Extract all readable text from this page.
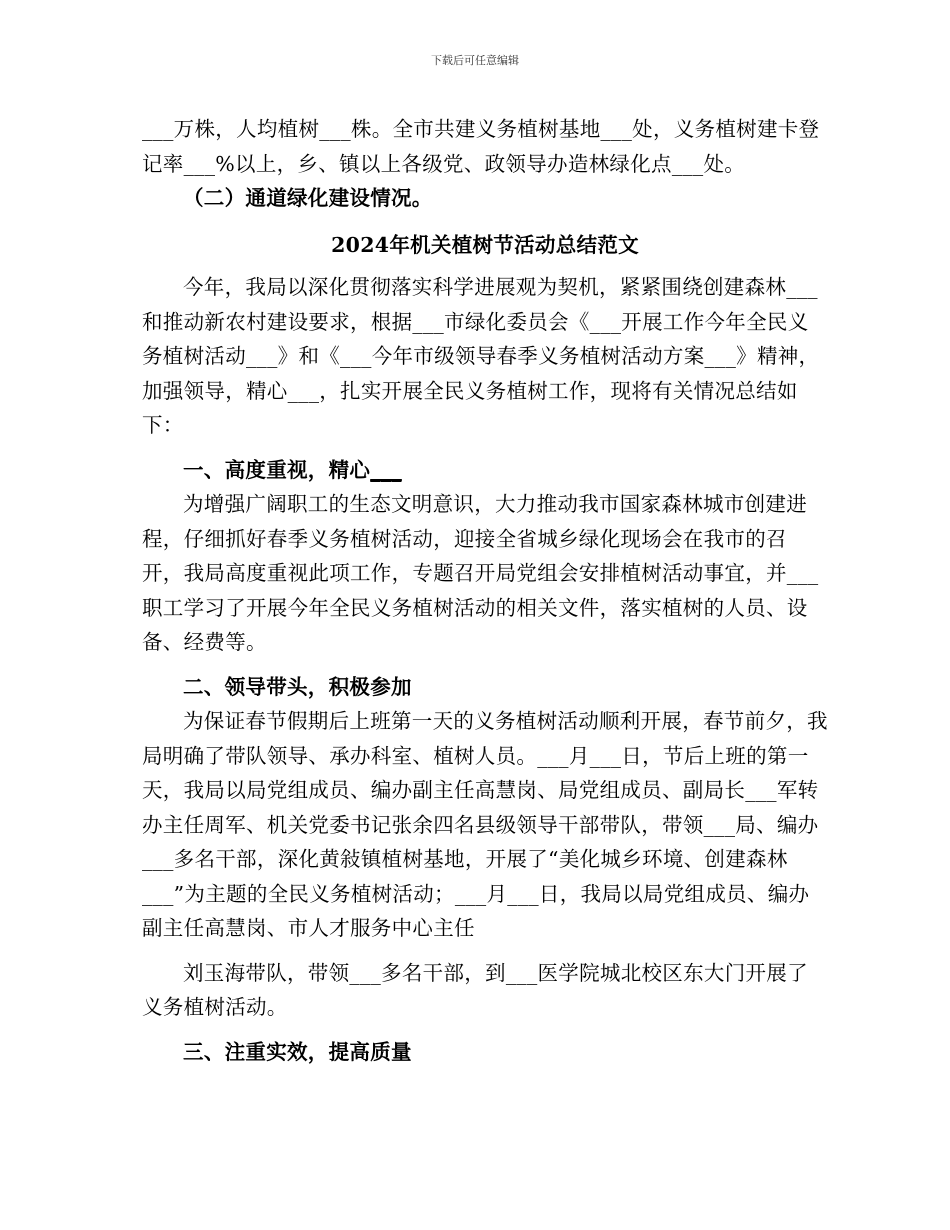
下载后可任意编辑

___万株，人均植树___株。全市共建义务植树基地___处，义务植树建卡登记率___%以上，乡、镇以上各级党、政领导办造林绿化点___处。

（二）通道绿化建设情况。

2024年机关植树节活动总结范文

今年，我局以深化贯彻落实科学进展观为契机，紧紧围绕创建森林___和推动新农村建设要求，根据___市绿化委员会《___开展工作今年全民义务植树活动___》和《___今年市级领导春季义务植树活动方案___》精神，加强领导，精心___，扎实开展全民义务植树工作，现将有关情况总结如下：

一、高度重视，精心___

为增强广阔职工的生态文明意识，大力推动我市国家森林城市创建进程，仔细抓好春季义务植树活动，迎接全省城乡绿化现场会在我市的召开，我局高度重视此项工作，专题召开局党组会安排植树活动事宜，并___职工学习了开展今年全民义务植树活动的相关文件，落实植树的人员、设备、经费等。

二、领导带头，积极参加

为保证春节假期后上班第一天的义务植树活动顺利开展，春节前夕，我局明确了带队领导、承办科室、植树人员。___月___日，节后上班的第一天，我局以局党组成员、编办副主任高慧岗、局党组成员、副局长___军转办主任周军、机关党委书记张余四名县级领导干部带队，带领___局、编办___多名干部，深化黄敍镇植树基地，开展了“美化城乡环境、创建森林___”为主题的全民义务植树活动；___月___日，我局以局党组成员、编办副主任高慧岗、市人才服务中心主任

刘玉海带队，带领___多名干部，到___医学院城北校区东大门开展了义务植树活动。

三、注重实效，提高质量
